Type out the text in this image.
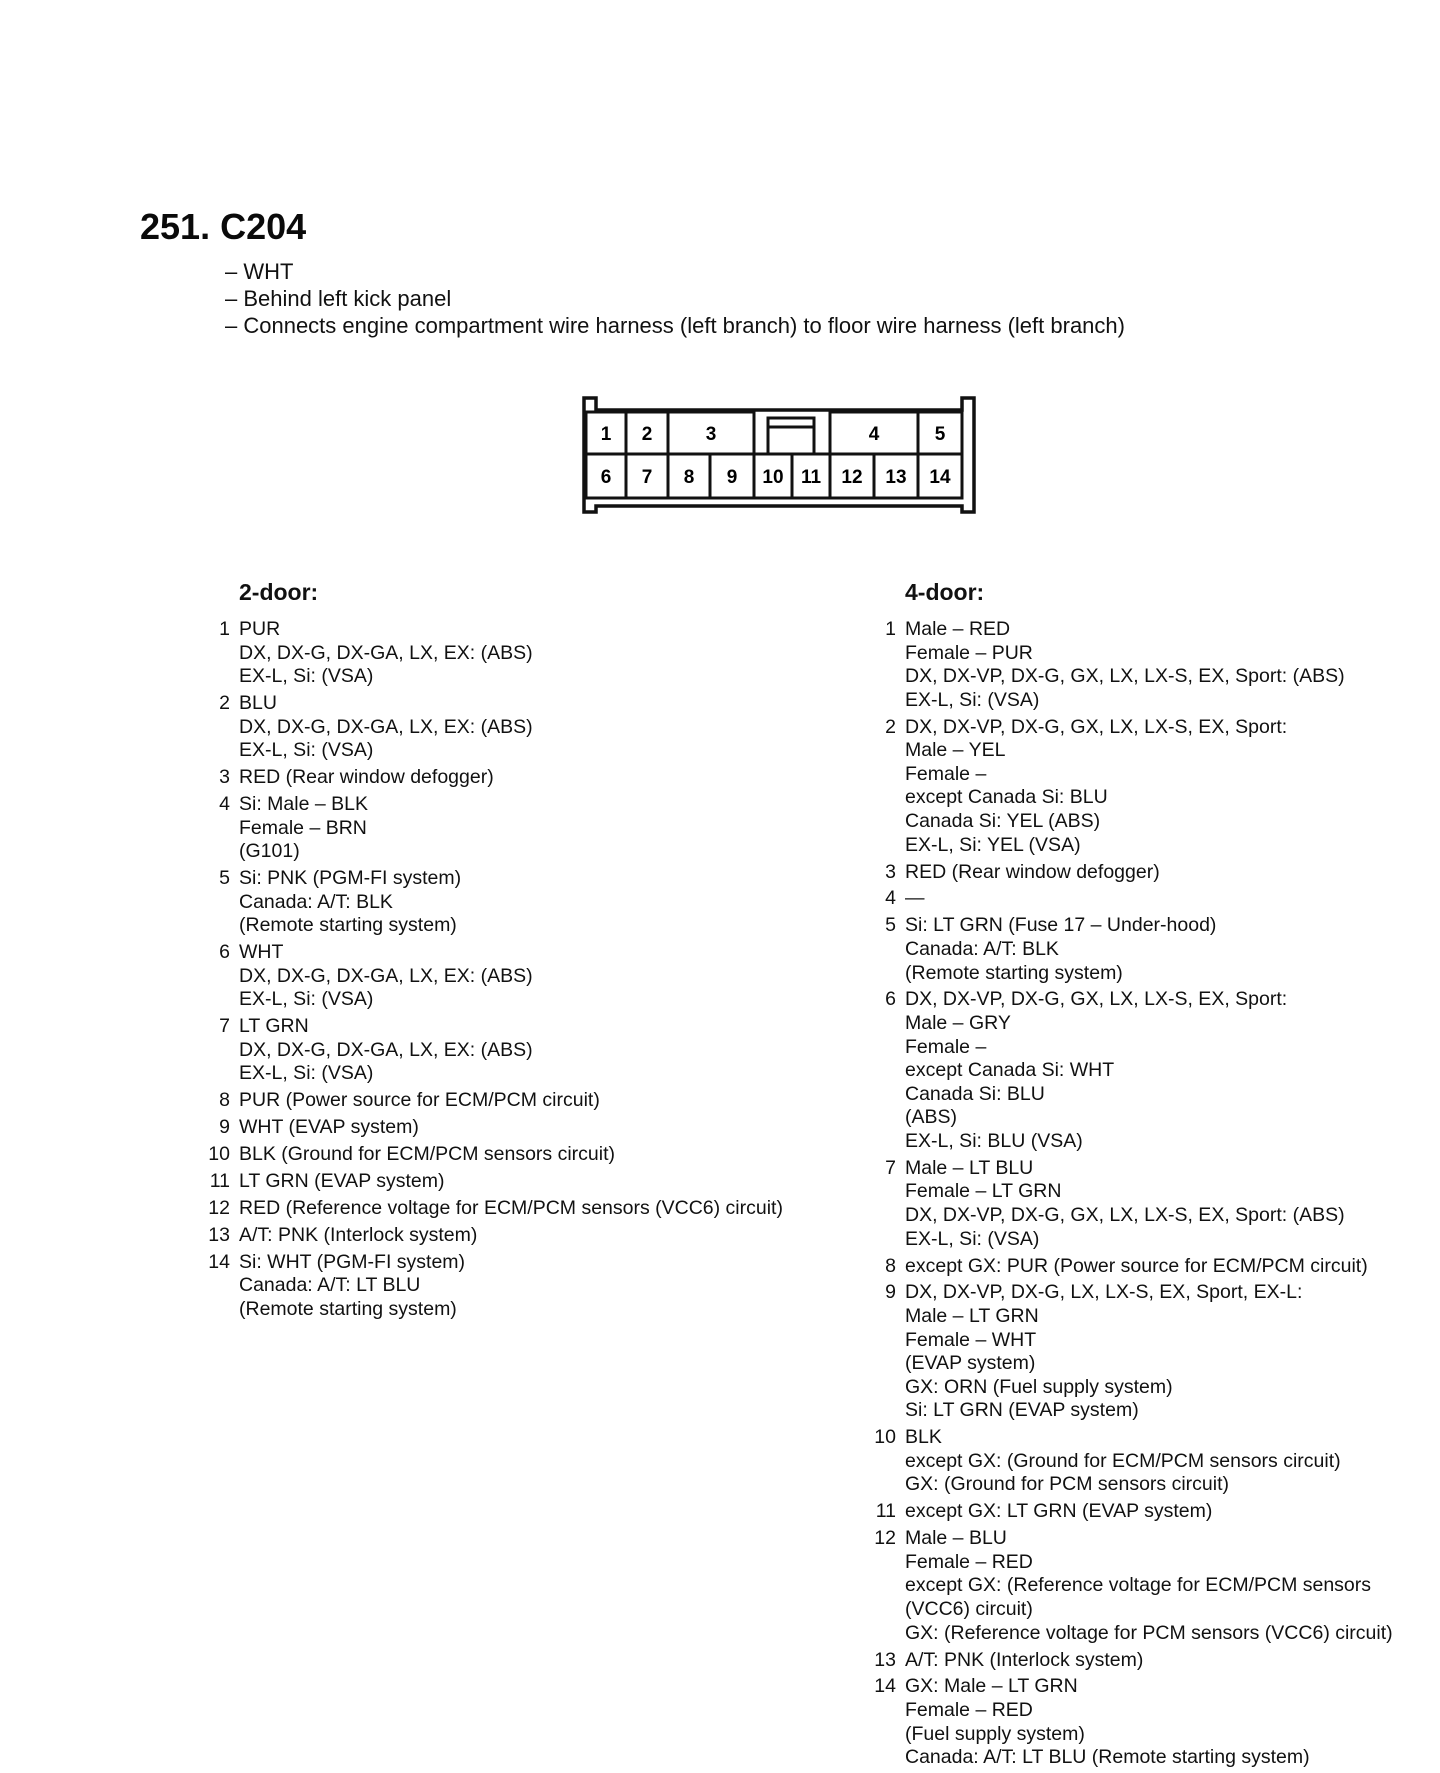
251. C204
– WHT
– Behind left kick panel
– Connects engine compartment wire harness (left branch) to floor wire harness (left branch)
1 2	3	4	5
6 7 8 9 10 11 12 13 14
2-door:
1 PUR
DX, DX-G, DX-GA, LX, EX: (ABS)
EX-L, Si: (VSA)
2 BLU
DX, DX-G, DX-GA, LX, EX: (ABS)
EX-L, Si: (VSA)
3 RED (Rear window defogger)
4 Si: Male – BLK
Female – BRN
(G101)
5 Si: PNK (PGM-FI system)
Canada: A/T: BLK
(Remote starting system)
6 WHT
DX, DX-G, DX-GA, LX, EX: (ABS)
EX-L, Si: (VSA)
7 LT GRN
DX, DX-G, DX-GA, LX, EX: (ABS)
EX-L, Si: (VSA)
8 PUR (Power source for ECM/PCM circuit)
9 WHT (EVAP system)
10 BLK (Ground for ECM/PCM sensors circuit)
11 LT GRN (EVAP system)
12 RED (Reference voltage for ECM/PCM sensors (VCC6) circuit)
13 A/T: PNK (Interlock system)
14 Si: WHT (PGM-FI system)
Canada: A/T: LT BLU
(Remote starting system)
4-door:
1 Male – RED
Female – PUR
DX, DX-VP, DX-G, GX, LX, LX-S, EX, Sport: (ABS)
EX-L, Si: (VSA)
2 DX, DX-VP, DX-G, GX, LX, LX-S, EX, Sport:
Male – YEL
Female –
except Canada Si: BLU
Canada Si: YEL (ABS)
EX-L, Si: YEL (VSA)
3 RED (Rear window defogger)
4 —
5 Si: LT GRN (Fuse 17 – Under-hood)
Canada: A/T: BLK
(Remote starting system)
6 DX, DX-VP, DX-G, GX, LX, LX-S, EX, Sport:
Male – GRY
Female –
except Canada Si: WHT
Canada Si: BLU
(ABS)
EX-L, Si: BLU (VSA)
7 Male – LT BLU
Female – LT GRN
DX, DX-VP, DX-G, GX, LX, LX-S, EX, Sport: (ABS)
EX-L, Si: (VSA)
8 except GX: PUR (Power source for ECM/PCM circuit)
9 DX, DX-VP, DX-G, LX, LX-S, EX, Sport, EX-L:
Male – LT GRN
Female – WHT
(EVAP system)
GX: ORN (Fuel supply system)
Si: LT GRN (EVAP system)
10 BLK
except GX: (Ground for ECM/PCM sensors circuit)
GX: (Ground for PCM sensors circuit)
11 except GX: LT GRN (EVAP system)
12 Male – BLU
Female – RED
except GX: (Reference voltage for ECM/PCM sensors (VCC6) circuit)
GX: (Reference voltage for PCM sensors (VCC6) circuit)
13 A/T: PNK (Interlock system)
14 GX: Male – LT GRN
Female – RED
(Fuel supply system)
Canada: A/T: LT BLU (Remote starting system)
